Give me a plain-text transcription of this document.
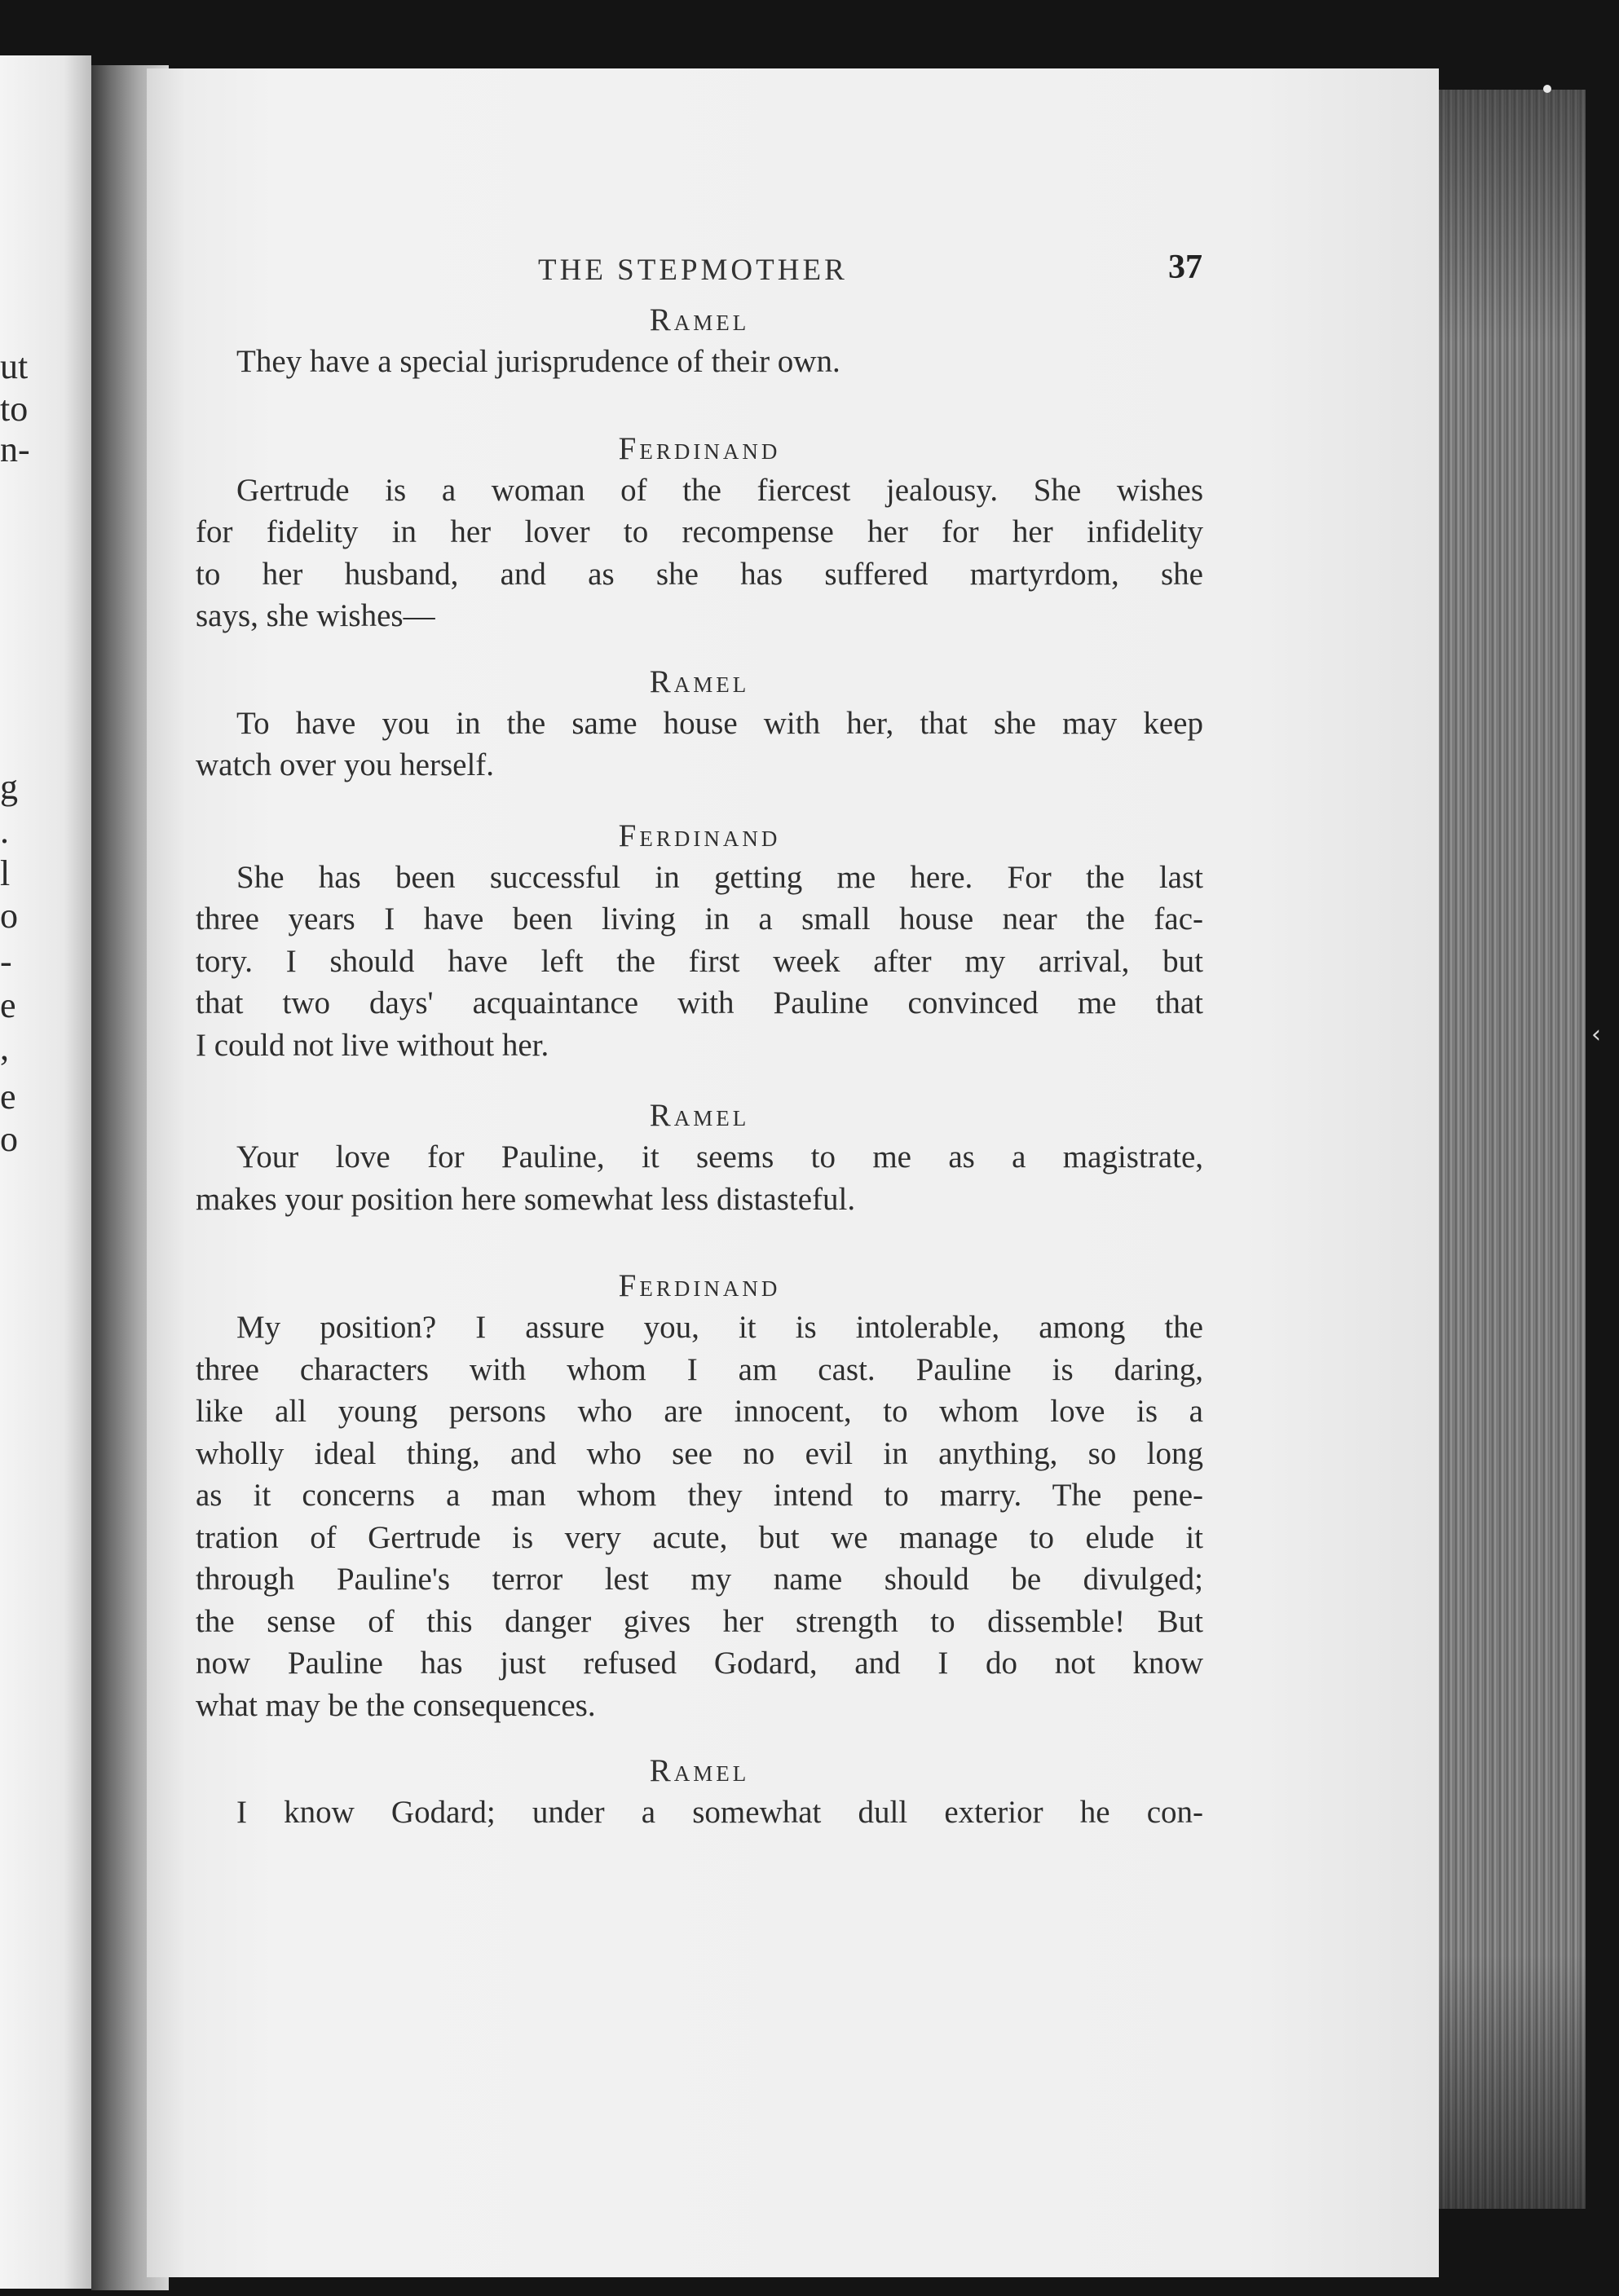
ut
to
n-
g
.
l
o
-
e
,
e
o
‹
THE STEPMOTHER	37

Ramel

They have a special jurisprudence of their own.

Ferdinand

Gertrude is a woman of the fiercest jealousy. She wishes
for fidelity in her lover to recompense her for her infidelity
to her husband, and as she has suffered martyrdom, she
says, she wishes—

Ramel

To have you in the same house with her, that she may keep
watch over you herself.

Ferdinand

She has been successful in getting me here. For the last
three years I have been living in a small house near the fac-
tory. I should have left the first week after my arrival, but
that two days' acquaintance with Pauline convinced me that
I could not live without her.

Ramel

Your love for Pauline, it seems to me as a magistrate,
makes your position here somewhat less distasteful.

Ferdinand

My position? I assure you, it is intolerable, among the
three characters with whom I am cast. Pauline is daring,
like all young persons who are innocent, to whom love is a
wholly ideal thing, and who see no evil in anything, so long
as it concerns a man whom they intend to marry. The pene-
tration of Gertrude is very acute, but we manage to elude it
through Pauline's terror lest my name should be divulged;
the sense of this danger gives her strength to dissemble! But
now Pauline has just refused Godard, and I do not know
what may be the consequences.

Ramel

I know Godard; under a somewhat dull exterior he con-
